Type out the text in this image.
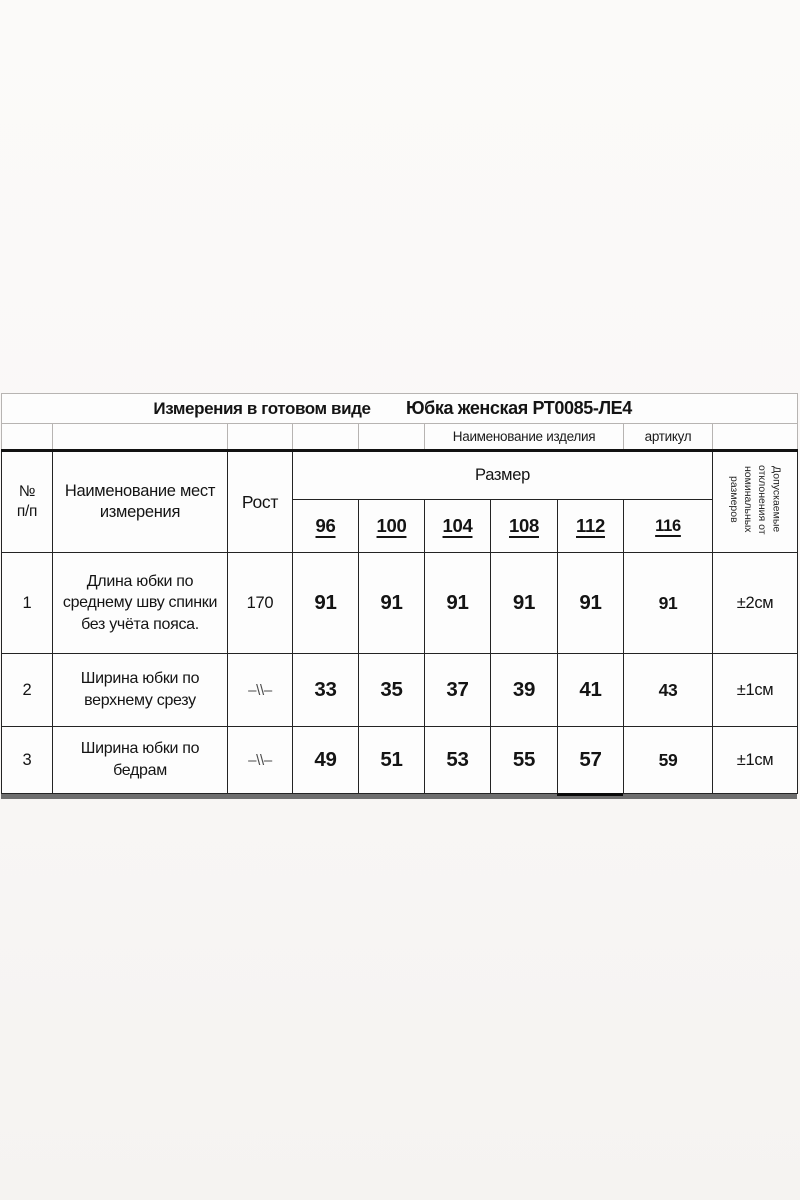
Измерения в готовом виде Юбка женская РТ0085-ЛЕ4									

					Наименование изделия			артикул	

№
п/п
	Наименование мест измерения	Рост	Размер	Допускаемые
отклонения от
номинальных
размеров

			96	100	104	108	112	116	
1	Длина юбки по среднему шву спинки без учёта пояса.	170	91	91	91	91	91	91	±2см
2	Ширина юбки по верхнему срезу	–\\–	33	35	37	39	41	43	±1см
3	Ширина юбки по бедрам	–\\–	49	51	53	55	57	59	±1см
